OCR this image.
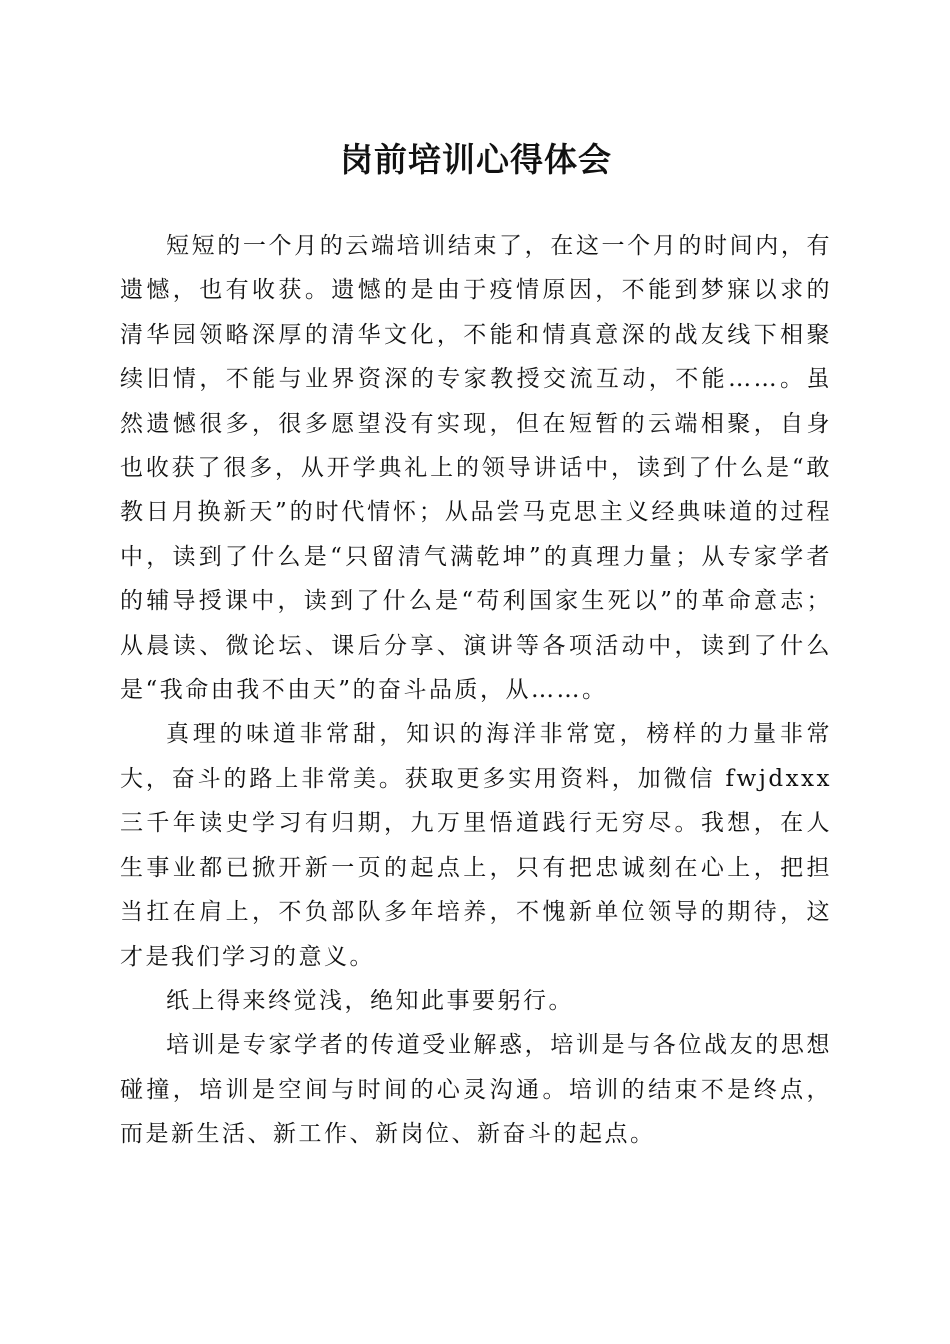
岗前培训心得体会

短短的一个月的云端培训结束了，在这一个月的时间内，有遗憾，也有收获。遗憾的是由于疫情原因，不能到梦寐以求的清华园领略深厚的清华文化，不能和情真意深的战友线下相聚续旧情，不能与业界资深的专家教授交流互动，不能……。虽然遗憾很多，很多愿望没有实现，但在短暂的云端相聚，自身也收获了很多，从开学典礼上的领导讲话中，读到了什么是“敢教日月换新天”的时代情怀；从品尝马克思主义经典味道的过程中，读到了什么是“只留清气满乾坤”的真理力量；从专家学者的辅导授课中，读到了什么是“苟利国家生死以”的革命意志；从晨读、微论坛、课后分享、演讲等各项活动中，读到了什么是“我命由我不由天”的奋斗品质，从……。

真理的味道非常甜，知识的海洋非常宽，榜样的力量非常大，奋斗的路上非常美。获取更多实用资料，加微信 fwjdxxx 三千年读史学习有归期，九万里悟道践行无穷尽。我想，在人生事业都已掀开新一页的起点上，只有把忠诚刻在心上，把担当扛在肩上，不负部队多年培养，不愧新单位领导的期待，这才是我们学习的意义。

纸上得来终觉浅，绝知此事要躬行。

培训是专家学者的传道受业解惑，培训是与各位战友的思想碰撞，培训是空间与时间的心灵沟通。培训的结束不是终点，而是新生活、新工作、新岗位、新奋斗的起点。
